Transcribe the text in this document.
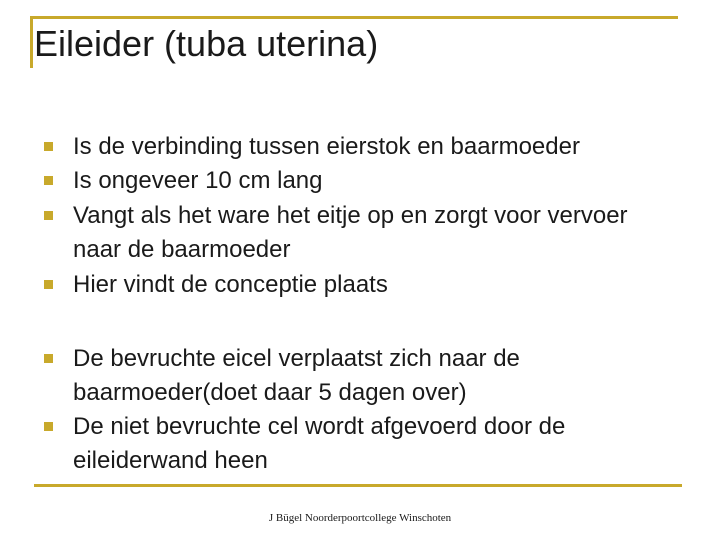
Eileider (tuba uterina)
Is de verbinding tussen eierstok en baarmoeder
Is ongeveer 10 cm lang
Vangt als het ware het eitje op en zorgt voor vervoer naar de baarmoeder
Hier vindt de conceptie plaats
De bevruchte eicel verplaatst zich naar de baarmoeder(doet daar 5 dagen over)
De niet bevruchte cel wordt afgevoerd door de eileiderwand heen
J Bügel Noorderpoortcollege Winschoten
